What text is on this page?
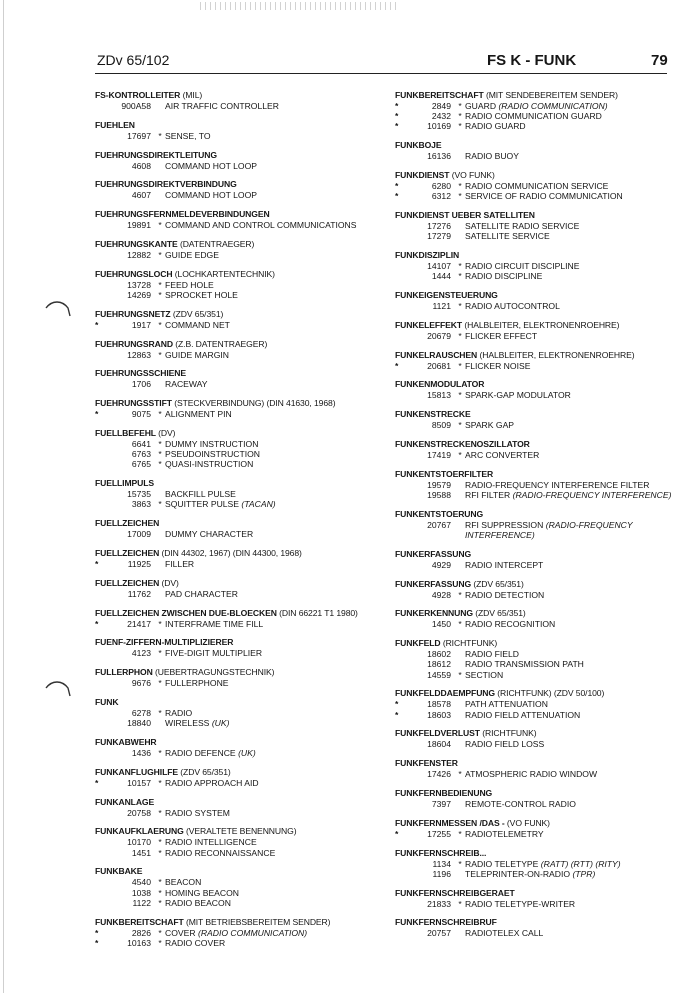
ZDv 65/102	FS K - FUNK	79
FS-KONTROLLEITER (MIL)
900A58	AIR TRAFFIC CONTROLLER
FUEHLEN
17697 * SENSE, TO
FUEHRUNGSDIREKTLEITUNG
4608	COMMAND HOT LOOP
FUEHRUNGSDIREKTVERBINDUNG
4607	COMMAND HOT LOOP
FUEHRUNGSFERNMELDEVERBINDUNGEN
19891 * COMMAND AND CONTROL COMMUNICATIONS
FUEHRUNGSKANTE (DATENTRAEGER)
12882 * GUIDE EDGE
FUEHRUNGSLOCH (LOCHKARTENTECHNIK)
13728 * FEED HOLE
14269 * SPROCKET HOLE
FUEHRUNGSNETZ (ZDV 65/351)
*	1917 * COMMAND NET
FUEHRUNGSRAND (Z.B. DATENTRAEGER)
12863 * GUIDE MARGIN
FUEHRUNGSSCHIENE
1706	RACEWAY
FUEHRUNGSSTIFT (STECKVERBINDUNG) (DIN 41630, 1968)
*	9075 * ALIGNMENT PIN
FUELLBEFEHL (DV)
6641 * DUMMY INSTRUCTION
6763 * PSEUDOINSTRUCTION
6765 * QUASI-INSTRUCTION
FUELLIMPULS
15735	BACKFILL PULSE
3863 * SQUITTER PULSE (TACAN)
FUELLZEICHEN
17009	DUMMY CHARACTER
FUELLZEICHEN (DIN 44302, 1967) (DIN 44300, 1968)
*	11925	FILLER
FUELLZEICHEN (DV)
11762	PAD CHARACTER
FUELLZEICHEN ZWISCHEN DUE-BLOECKEN (DIN 66221 T1 1980)
*	21417 * INTERFRAME TIME FILL
FUENF-ZIFFERN-MULTIPLIZIERER
4123 * FIVE-DIGIT MULTIPLIER
FULLERPHON (UEBERTRAGUNGSTECHNIK)
9676 * FULLERPHONE
FUNK
6278 * RADIO
18840	WIRELESS (UK)
FUNKABWEHR
1436 * RADIO DEFENCE (UK)
FUNKANFLUGHILFE (ZDV 65/351)
*	10157 * RADIO APPROACH AID
FUNKANLAGE
20758 * RADIO SYSTEM
FUNKAUFKLAERUNG (VERALTETE BENENNUNG)
10170 * RADIO INTELLIGENCE
1451 * RADIO RECONNAISSANCE
FUNKBAKE
4540 * BEACON
1038 * HOMING BEACON
1122 * RADIO BEACON
FUNKBEREITSCHAFT (MIT BETRIEBSBEREITEM SENDER)
*	2826 * COVER (RADIO COMMUNICATION)
*	10163 * RADIO COVER
FUNKBEREITSCHAFT (MIT SENDEBEREITEM SENDER)
*	2849 * GUARD (RADIO COMMUNICATION)
*	2432 * RADIO COMMUNICATION GUARD
*	10169 * RADIO GUARD
FUNKBOJE
16136	RADIO BUOY
FUNKDIENST (VO FUNK)
*	6280 * RADIO COMMUNICATION SERVICE
*	6312 * SERVICE OF RADIO COMMUNICATION
FUNKDIENST UEBER SATELLITEN
17276	SATELLITE RADIO SERVICE
17279	SATELLITE SERVICE
FUNKDISZIPLIN
14107 * RADIO CIRCUIT DISCIPLINE
1444 * RADIO DISCIPLINE
FUNKEIGENSTEUERUNG
1121 * RADIO AUTOCONTROL
FUNKELEFFEKT (HALBLEITER, ELEKTRONENROEHRE)
20679 * FLICKER EFFECT
FUNKELRAUSCHEN (HALBLEITER, ELEKTRONENROEHRE)
*	20681 * FLICKER NOISE
FUNKENMODULATOR
15813 * SPARK-GAP MODULATOR
FUNKENSTRECKE
8509 * SPARK GAP
FUNKENSTRECKENOSZILLATOR
17419 * ARC CONVERTER
FUNKENTSTOERFILTER
19579	RADIO-FREQUENCY INTERFERENCE FILTER
19588	RFI FILTER (RADIO-FREQUENCY INTERFERENCE)
FUNKENTSTOERUNG
20767	RFI SUPPRESSION (RADIO-FREQUENCY INTERFERENCE)
FUNKERFASSUNG
4929	RADIO INTERCEPT
FUNKERFASSUNG (ZDV 65/351)
4928 * RADIO DETECTION
FUNKERKENNUNG (ZDV 65/351)
1450 * RADIO RECOGNITION
FUNKFELD (RICHTFUNK)
18602	RADIO FIELD
18612	RADIO TRANSMISSION PATH
14559 * SECTION
FUNKFELDDAEMPFUNG (RICHTFUNK) (ZDV 50/100)
*	18578	PATH ATTENUATION
*	18603	RADIO FIELD ATTENUATION
FUNKFELDVERLUST (RICHTFUNK)
18604	RADIO FIELD LOSS
FUNKFENSTER
17426 * ATMOSPHERIC RADIO WINDOW
FUNKFERNBEDIENUNG
7397	REMOTE-CONTROL RADIO
FUNKFERNMESSEN /DAS - (VO FUNK)
*	17255 * RADIOTELEMETRY
FUNKFERNSCHREIB...
1134 * RADIO TELETYPE (RATT) (RTT) (RITY)
1196	TELEPRINTER-ON-RADIO (TPR)
FUNKFERNSCHREIBGERAET
21833 * RADIO TELETYPE-WRITER
FUNKFERNSCHREIBRUF
20757	RADIOTELEX CALL
